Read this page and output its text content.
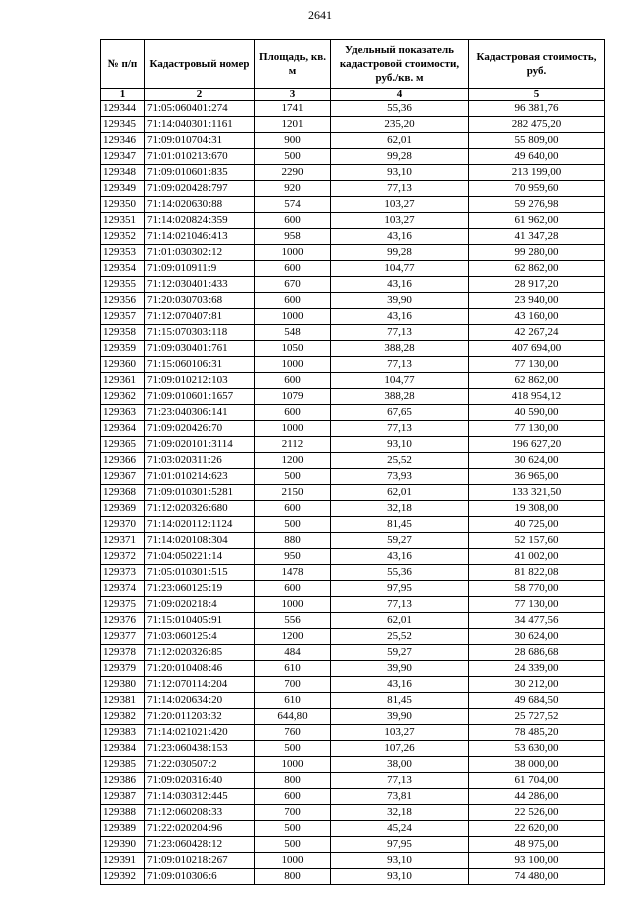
2641
№ п/п	Кадастровый номер	Площадь, кв. м	Удельный показатель кадастровой стоимости, руб./кв. м	Кадастровая стоимость, руб.
1	2	3	4	5
129344	71:05:060401:274	1741	55,36	96 381,76
129345	71:14:040301:1161	1201	235,20	282 475,20
129346	71:09:010704:31	900	62,01	55 809,00
129347	71:01:010213:670	500	99,28	49 640,00
129348	71:09:010601:835	2290	93,10	213 199,00
129349	71:09:020428:797	920	77,13	70 959,60
129350	71:14:020630:88	574	103,27	59 276,98
129351	71:14:020824:359	600	103,27	61 962,00
129352	71:14:021046:413	958	43,16	41 347,28
129353	71:01:030302:12	1000	99,28	99 280,00
129354	71:09:010911:9	600	104,77	62 862,00
129355	71:12:030401:433	670	43,16	28 917,20
129356	71:20:030703:68	600	39,90	23 940,00
129357	71:12:070407:81	1000	43,16	43 160,00
129358	71:15:070303:118	548	77,13	42 267,24
129359	71:09:030401:761	1050	388,28	407 694,00
129360	71:15:060106:31	1000	77,13	77 130,00
129361	71:09:010212:103	600	104,77	62 862,00
129362	71:09:010601:1657	1079	388,28	418 954,12
129363	71:23:040306:141	600	67,65	40 590,00
129364	71:09:020426:70	1000	77,13	77 130,00
129365	71:09:020101:3114	2112	93,10	196 627,20
129366	71:03:020311:26	1200	25,52	30 624,00
129367	71:01:010214:623	500	73,93	36 965,00
129368	71:09:010301:5281	2150	62,01	133 321,50
129369	71:12:020326:680	600	32,18	19 308,00
129370	71:14:020112:1124	500	81,45	40 725,00
129371	71:14:020108:304	880	59,27	52 157,60
129372	71:04:050221:14	950	43,16	41 002,00
129373	71:05:010301:515	1478	55,36	81 822,08
129374	71:23:060125:19	600	97,95	58 770,00
129375	71:09:020218:4	1000	77,13	77 130,00
129376	71:15:010405:91	556	62,01	34 477,56
129377	71:03:060125:4	1200	25,52	30 624,00
129378	71:12:020326:85	484	59,27	28 686,68
129379	71:20:010408:46	610	39,90	24 339,00
129380	71:12:070114:204	700	43,16	30 212,00
129381	71:14:020634:20	610	81,45	49 684,50
129382	71:20:011203:32	644,80	39,90	25 727,52
129383	71:14:021021:420	760	103,27	78 485,20
129384	71:23:060438:153	500	107,26	53 630,00
129385	71:22:030507:2	1000	38,00	38 000,00
129386	71:09:020316:40	800	77,13	61 704,00
129387	71:14:030312:445	600	73,81	44 286,00
129388	71:12:060208:33	700	32,18	22 526,00
129389	71:22:020204:96	500	45,24	22 620,00
129390	71:23:060428:12	500	97,95	48 975,00
129391	71:09:010218:267	1000	93,10	93 100,00
129392	71:09:010306:6	800	93,10	74 480,00
